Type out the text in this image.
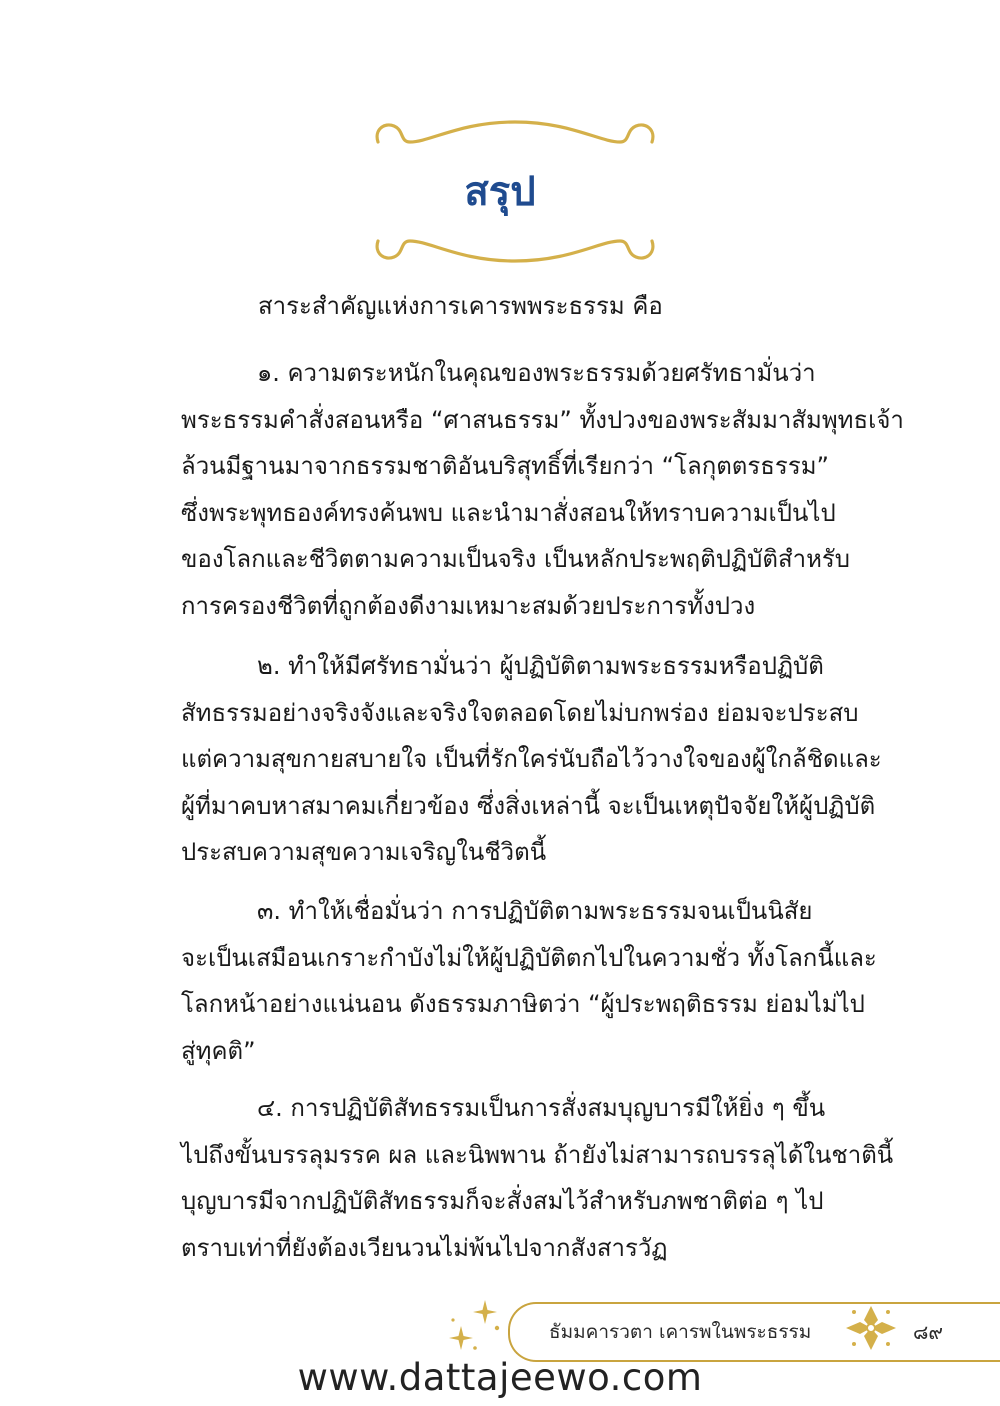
สรุป
สาระสำคัญแห่งการเคารพพระธรรม คือ
๑. ความตระหนักในคุณของพระธรรมด้วยศรัทธามั่นว่า
พระธรรมคำสั่งสอนหรือ “ศาสนธรรม” ทั้งปวงของพระสัมมาสัมพุทธเจ้า
ล้วนมีฐานมาจากธรรมชาติอันบริสุทธิ์ที่เรียกว่า “โลกุตตรธรรม”
ซึ่งพระพุทธองค์ทรงค้นพบ และนำมาสั่งสอนให้ทราบความเป็นไป
ของโลกและชีวิตตามความเป็นจริง เป็นหลักประพฤติปฏิบัติสำหรับ
การครองชีวิตที่ถูกต้องดีงามเหมาะสมด้วยประการทั้งปวง
๒. ทำให้มีศรัทธามั่นว่า ผู้ปฏิบัติตามพระธรรมหรือปฏิบัติ
สัทธรรมอย่างจริงจังและจริงใจตลอดโดยไม่บกพร่อง ย่อมจะประสบ
แต่ความสุขกายสบายใจ เป็นที่รักใคร่นับถือไว้วางใจของผู้ใกล้ชิดและ
ผู้ที่มาคบหาสมาคมเกี่ยวข้อง ซึ่งสิ่งเหล่านี้ จะเป็นเหตุปัจจัยให้ผู้ปฏิบัติ
ประสบความสุขความเจริญในชีวิตนี้
๓. ทำให้เชื่อมั่นว่า การปฏิบัติตามพระธรรมจนเป็นนิสัย
จะเป็นเสมือนเกราะกำบังไม่ให้ผู้ปฏิบัติตกไปในความชั่ว ทั้งโลกนี้และ
โลกหน้าอย่างแน่นอน ดังธรรมภาษิตว่า “ผู้ประพฤติธรรม ย่อมไม่ไป
สู่ทุคติ”
๔. การปฏิบัติสัทธรรมเป็นการสั่งสมบุญบารมีให้ยิ่ง ๆ ขึ้น
ไปถึงขั้นบรรลุมรรค ผล และนิพพาน ถ้ายังไม่สามารถบรรลุได้ในชาตินี้
บุญบารมีจากปฏิบัติสัทธรรมก็จะสั่งสมไว้สำหรับภพชาติต่อ ๆ ไป
ตราบเท่าที่ยังต้องเวียนวนไม่พ้นไปจากสังสารวัฏ
ธัมมคารวตา เคารพในพระธรรม	๘๙
www.dattajeewo.com
